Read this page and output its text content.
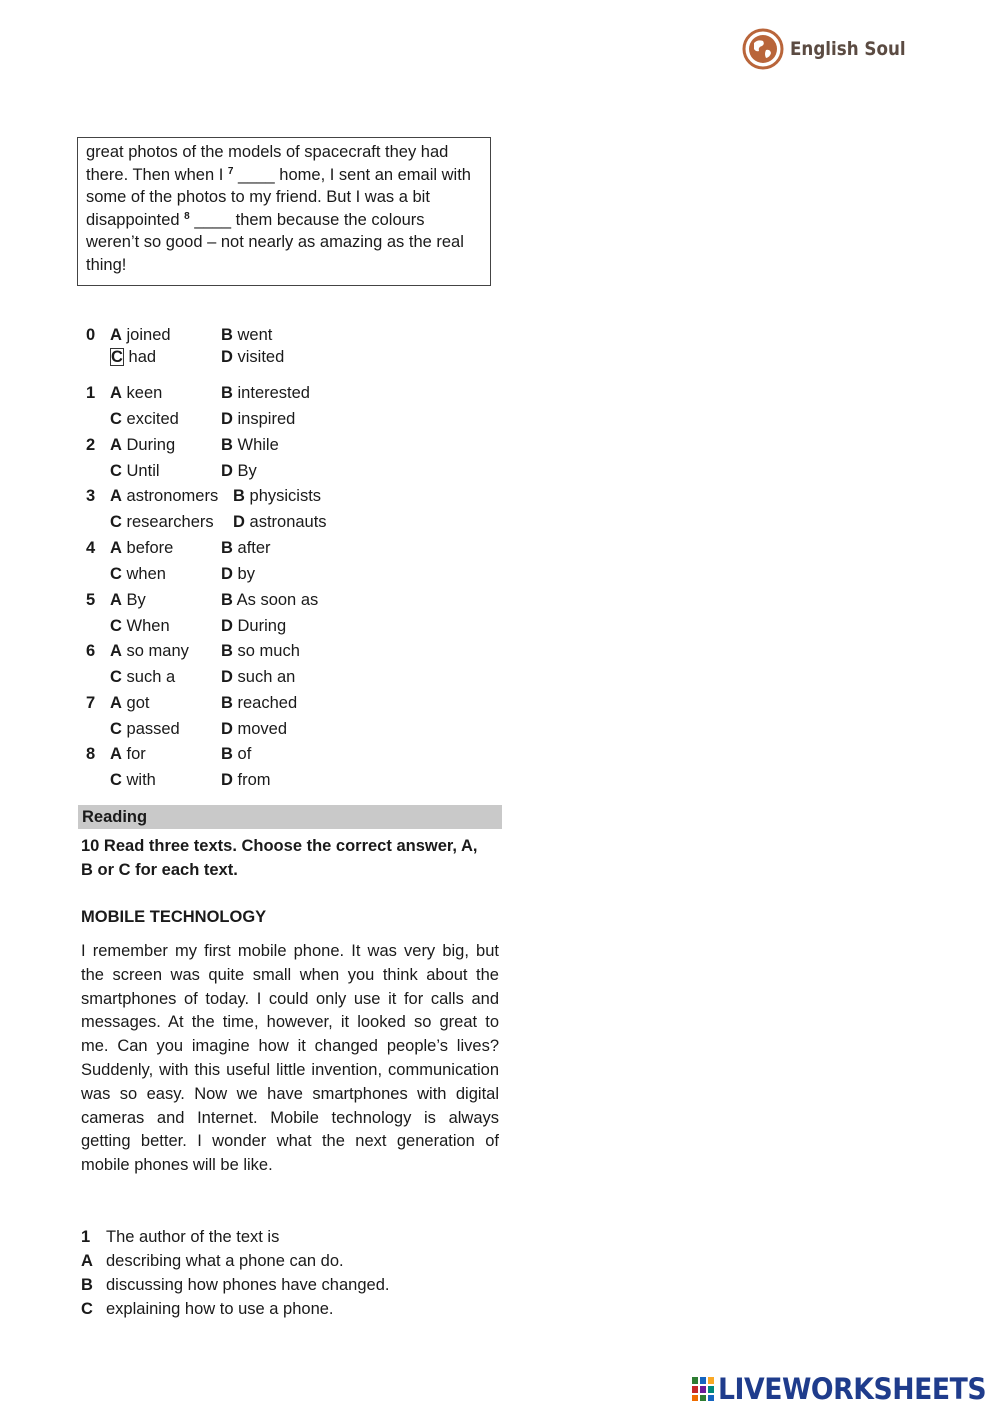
English Soul
great photos of the models of spacecraft they had
there. Then when I $^7$ ____ home, I sent an email with
some of the photos to my friend. But I was a bit
disappointed $^8$ ____ them because the colours
weren’t so good – not nearly as amazing as the real
thing!
0 A joined	B went
C had	D visited
1 A keen	B interested
C excited	D inspired
2 A During	B While
C Until	D By
3 A astronomers B physicists
C researchers D astronauts
4 A before	B after
C when	D by
5 A By	B As soon as
C When	D During
6 A so many B so much
C such a	D such an
7 A got	B reached
C passed	D moved
8 A for	B of
C with	D from
Reading
10 Read three texts. Choose the correct answer, A,
B or C for each text.
MOBILE TECHNOLOGY
I remember my first mobile phone. It was very big, but the screen was quite small when you think about the smartphones of today. I could only use it for calls and messages. At the time, however, it looked so great to me. Can you imagine how it changed people’s lives? Suddenly, with this useful little invention, communication was so easy. Now we have smartphones with digital cameras and Internet. Mobile technology is always getting better. I wonder what the next generation of mobile phones will be like.
1 The author of the text is
A describing what a phone can do.
B discussing how phones have changed.
C explaining how to use a phone.
LIVEWORKSHEETS
